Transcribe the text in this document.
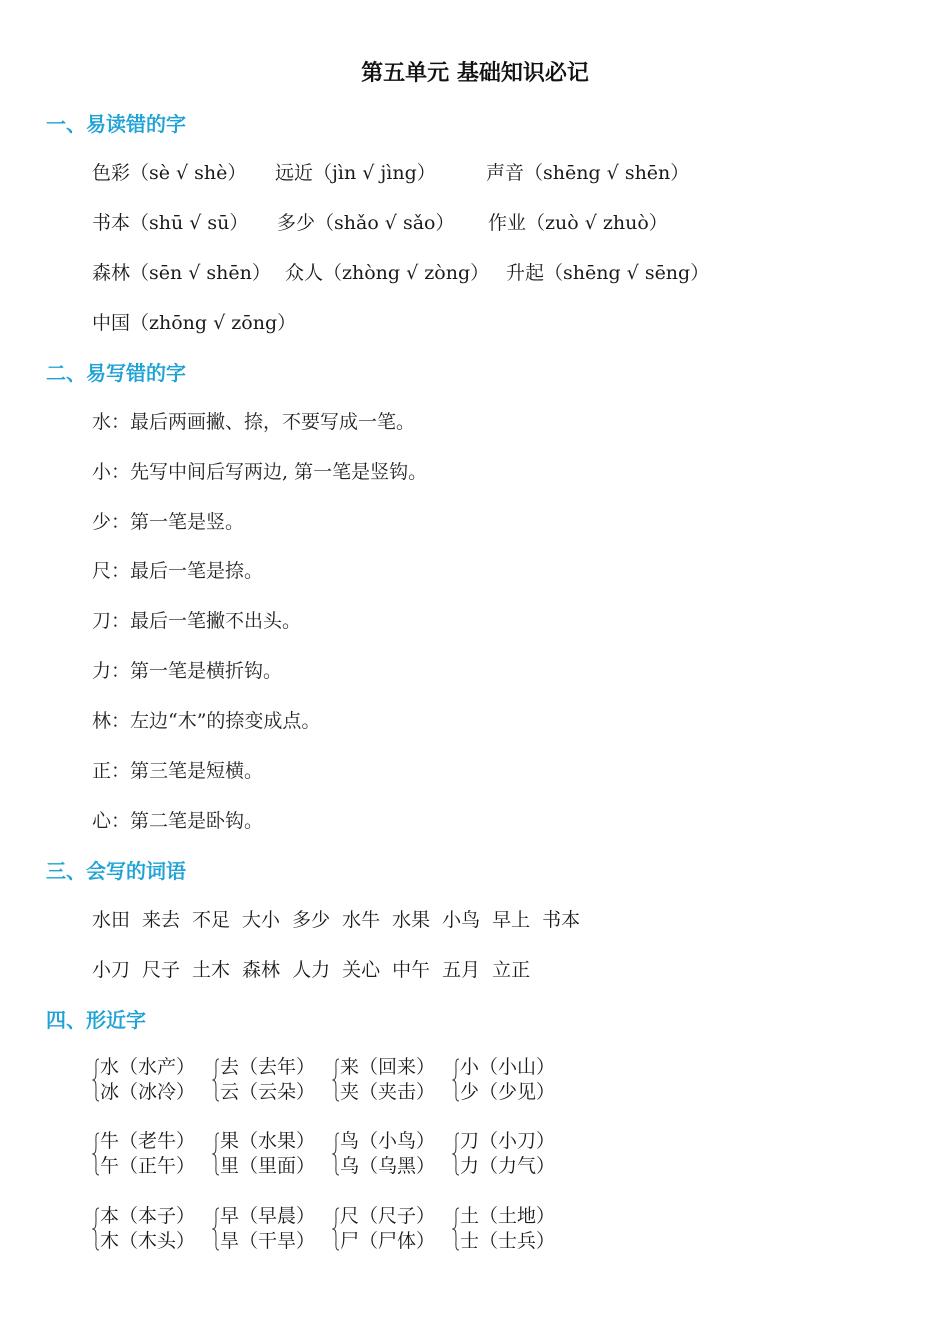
第五单元 基础知识必记
一、易读错的字
色彩（sè √ shè） 远近（jìn √ jìng）	声音（shēng √ shēn）
书本（shū √ sū） 多少（shǎo √ sǎo） 作业（zuò √ zhuò）
森林（sēn √ shēn） 众人（zhòng √ zòng） 升起（shēng √ sēng）
中国（zhōng √ zōng）
二、易写错的字
水：最后两画撇、捺，不要写成一笔。
小：先写中间后写两边, 第一笔是竖钩。
少：第一笔是竖。
尺：最后一笔是捺。
刀：最后一笔撇不出头。
力：第一笔是横折钩。
林：左边“木”的捺变成点。
正：第三笔是短横。
心：第二笔是卧钩。
三、会写的词语
水田 来去 不足 大小 多少 水牛 水果 小鸟 早上 书本
小刀 尺子 土木 森林 人力 关心 中午 五月 立正
四、形近字
水（水产）
冰（冰冷）
去（去年）
云（云朵）
来（回来）
夹（夹击）
小（小山）
少（少见）
牛（老牛）
午（正午）
果（水果）
里（里面）
鸟（小鸟）
乌（乌黑）
刀（小刀）
力（力气）
本（本子）
木（木头）
早（早晨）
旱（干旱）
尺（尺子）
尸（尸体）
土（土地）
士（士兵）
